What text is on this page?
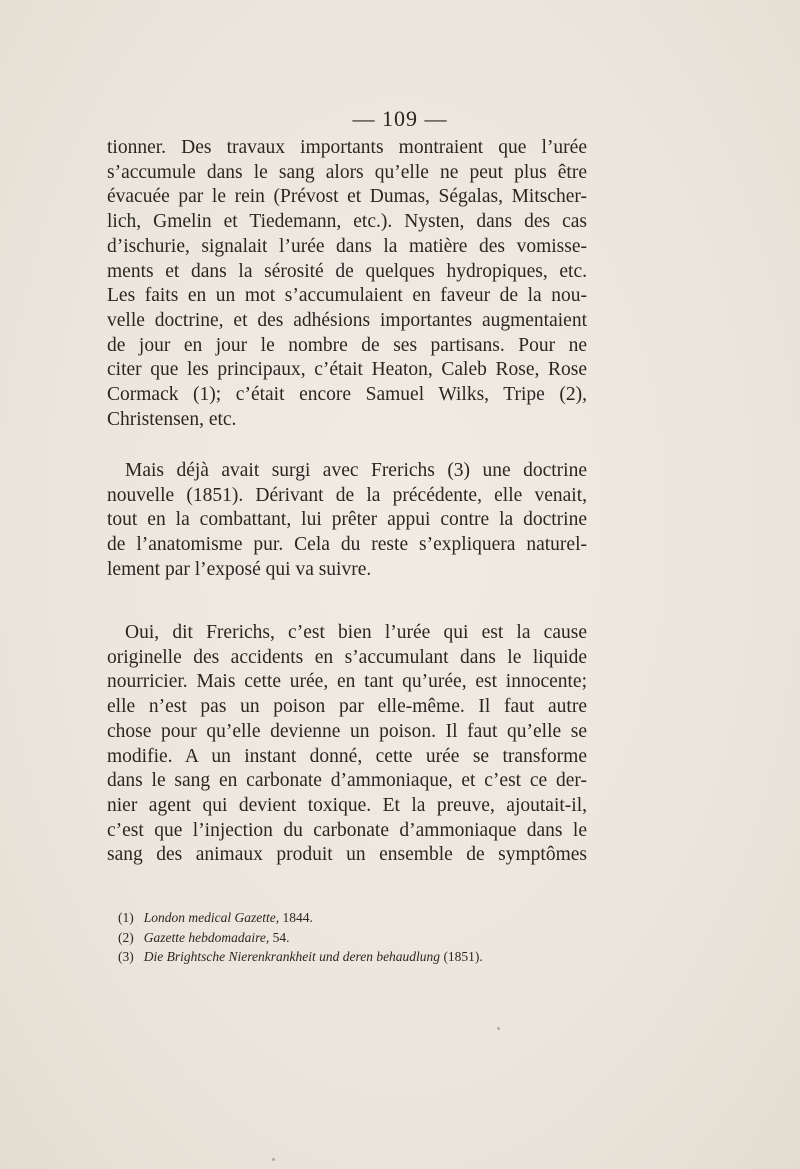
— 109 —
tionner. Des travaux importants montraient que l’urée
s’accumule dans le sang alors qu’elle ne peut plus être
évacuée par le rein (Prévost et Dumas, Ségalas, Mitscher-
lich, Gmelin et Tiedemann, etc.). Nysten, dans des cas
d’ischurie, signalait l’urée dans la matière des vomisse-
ments et dans la sérosité de quelques hydropiques, etc.
Les faits en un mot s’accumulaient en faveur de la nou-
velle doctrine, et des adhésions importantes augmentaient
de jour en jour le nombre de ses partisans. Pour ne
citer que les principaux, c’était Heaton, Caleb Rose, Rose
Cormack (1); c’était encore Samuel Wilks, Tripe (2),
Christensen, etc.
Mais déjà avait surgi avec Frerichs (3) une doctrine
nouvelle (1851). Dérivant de la précédente, elle venait,
tout en la combattant, lui prêter appui contre la doctrine
de l’anatomisme pur. Cela du reste s’expliquera naturel-
lement par l’exposé qui va suivre.
Oui, dit Frerichs, c’est bien l’urée qui est la cause
originelle des accidents en s’accumulant dans le liquide
nourricier. Mais cette urée, en tant qu’urée, est innocente;
elle n’est pas un poison par elle-même. Il faut autre
chose pour qu’elle devienne un poison. Il faut qu’elle se
modifie. A un instant donné, cette urée se transforme
dans le sang en carbonate d’ammoniaque, et c’est ce der-
nier agent qui devient toxique. Et la preuve, ajoutait-il,
c’est que l’injection du carbonate d’ammoniaque dans le
sang des animaux produit un ensemble de symptômes
(1) London medical Gazette, 1844.
(2) Gazette hebdomadaire, 54.
(3) Die Brightsche Nierenkrankheit und deren behaudlung (1851).
